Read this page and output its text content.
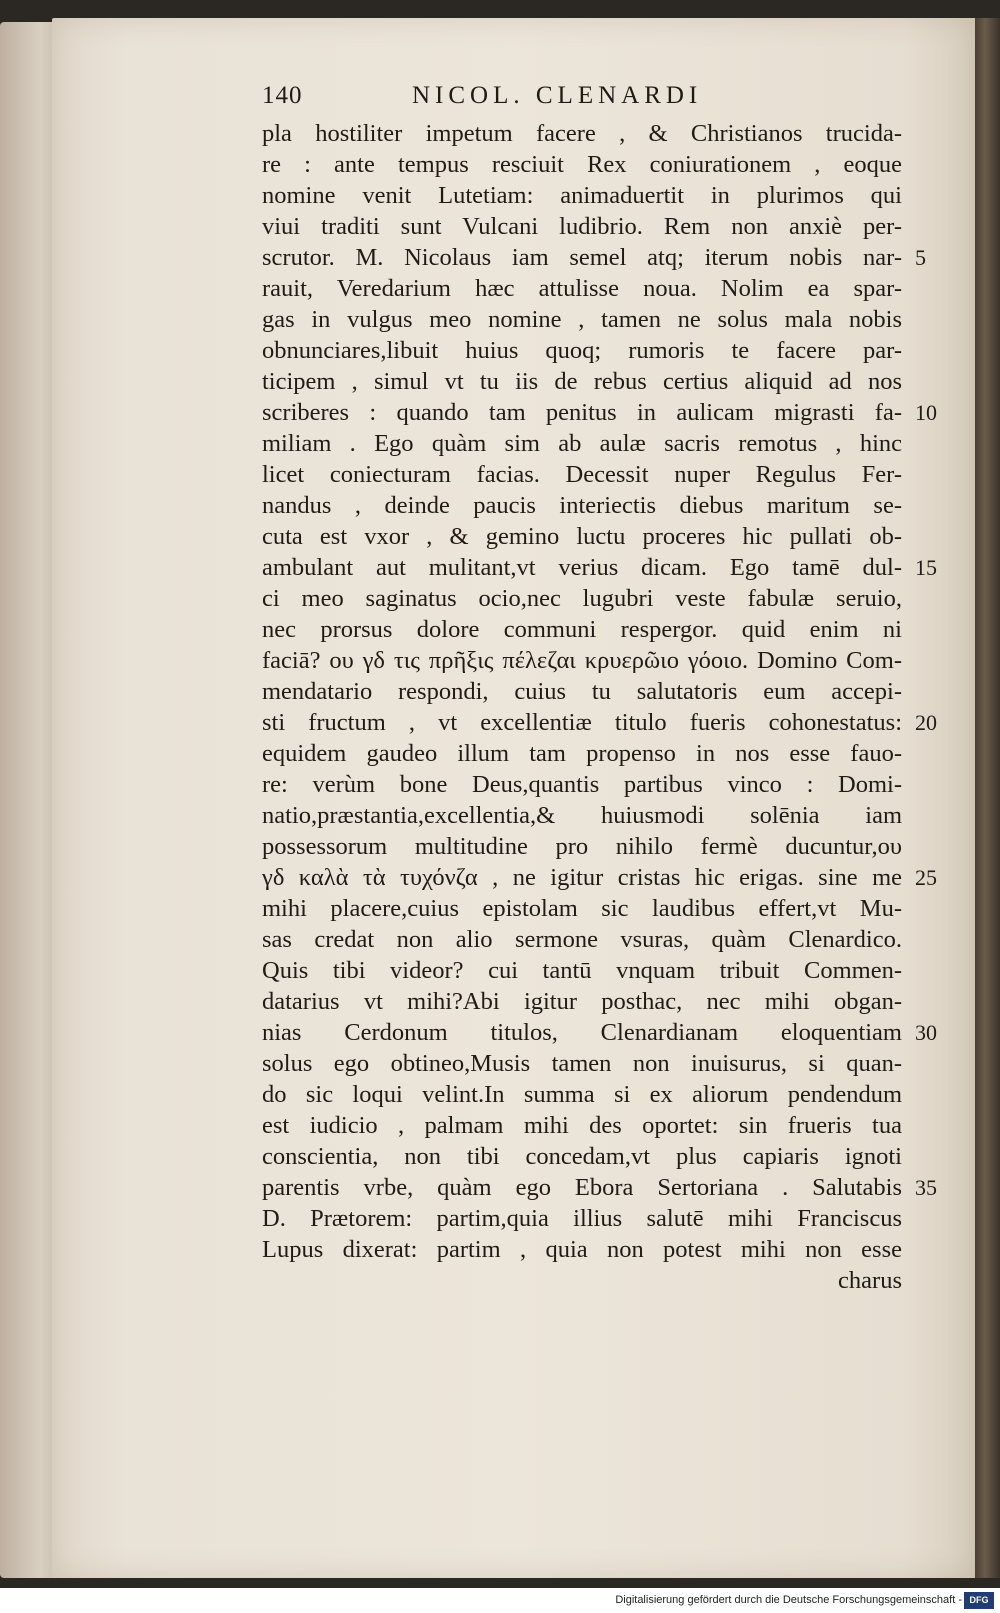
140	NICOL. CLENARDI
pla hostiliter impetum facere , & Christianos trucida-
re : ante tempus resciuit Rex coniurationem , eoque
nomine venit Lutetiam: animaduertit in plurimos qui
viui traditi sunt Vulcani ludibrio. Rem non anxiè per-
scrutor. M. Nicolaus iam semel atq; iterum nobis nar-
rauit, Veredarium hæc attulisse noua. Nolim ea spar-
gas in vulgus meo nomine , tamen ne solus mala nobis
obnunciares,libuit huius quoq; rumoris te facere par-
ticipem , simul vt tu iis de rebus certius aliquid ad nos
scriberes : quando tam penitus in aulicam migrasti fa-
miliam . Ego quàm sim ab aulæ sacris remotus , hinc
licet coniecturam facias. Decessit nuper Regulus Fer-
nandus , deinde paucis interiectis diebus maritum se-
cuta est vxor , & gemino luctu proceres hic pullati ob-
ambulant aut mulitant,vt verius dicam. Ego tamē dul-
ci meo saginatus ocio,nec lugubri veste fabulæ seruio,
nec prorsus dolore communi respergor. quid enim ni
faciā? ου γδ τις πρῆξις πέλεζαι κρυερῶιο γόοιο. Domino Com-
mendatario respondi, cuius tu salutatoris eum accepi-
sti fructum , vt excellentiæ titulo fueris cohonestatus:
equidem gaudeo illum tam propenso in nos esse fauo-
re: verùm bone Deus,quantis partibus vinco : Domi-
natio,præstantia,excellentia,& huiusmodi solēnia iam
possessorum multitudine pro nihilo fermè ducuntur,ου
γδ καλὰ τὰ τυχόνζα , ne igitur cristas hic erigas. sine me
mihi placere,cuius epistolam sic laudibus effert,vt Mu-
sas credat non alio sermone vsuras, quàm Clenardico.
Quis tibi videor? cui tantū vnquam tribuit Commen-
datarius vt mihi?Abi igitur posthac, nec mihi obgan-
nias Cerdonum titulos, Clenardianam eloquentiam
solus ego obtineo,Musis tamen non inuisurus, si quan-
do sic loqui velint.In summa si ex aliorum pendendum
est iudicio , palmam mihi des oportet: sin frueris tua
conscientia, non tibi concedam,vt plus capiaris ignoti
parentis vrbe, quàm ego Ebora Sertoriana . Salutabis
D. Prætorem: partim,quia illius salutē mihi Franciscus
Lupus dixerat: partim , quia non potest mihi non esse
charus
5
10
15
20
25
30
35
Digitalisierung gefördert durch die Deutsche Forschungsgemeinschaft - DFG
